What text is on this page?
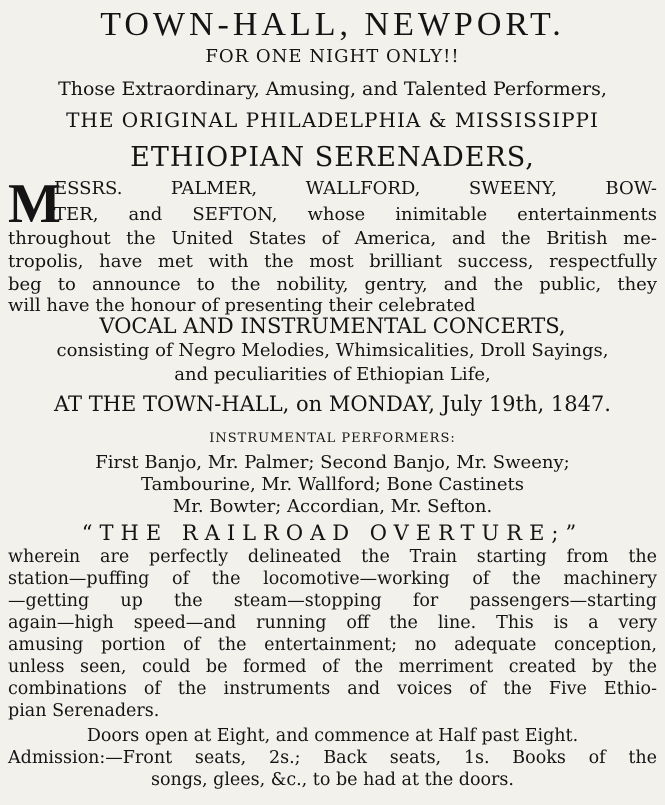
TOWN-HALL, NEWPORT.
FOR ONE NIGHT ONLY!!
Those Extraordinary, Amusing, and Talented Performers,
THE ORIGINAL PHILADELPHIA & MISSISSIPPI
ETHIOPIAN SERENADERS,
M
ESSRS. PALMER, WALLFORD, SWEENY, BOW-
TER, and SEFTON, whose inimitable entertainments
throughout the United States of America, and the British me-
tropolis, have met with the most brilliant success, respectfully
beg to announce to the nobility, gentry, and the public, they
will have the honour of presenting their celebrated
VOCAL AND INSTRUMENTAL CONCERTS,
consisting of Negro Melodies, Whimsicalities, Droll Sayings,
and peculiarities of Ethiopian Life,
AT THE TOWN-HALL, on MONDAY, July 19th, 1847.
INSTRUMENTAL PERFORMERS:
First Banjo, Mr. Palmer; Second Banjo, Mr. Sweeny;
Tambourine, Mr. Wallford; Bone Castinets
Mr. Bowter; Accordian, Mr. Sefton.
“THE RAILROAD OVERTURE;”
wherein are perfectly delineated the Train starting from the
station—puffing of the locomotive—working of the machinery
—getting up the steam—stopping for passengers—starting
again—high speed—and running off the line. This is a very
amusing portion of the entertainment; no adequate conception,
unless seen, could be formed of the merriment created by the
combinations of the instruments and voices of the Five Ethio-
pian Serenaders.
Doors open at Eight, and commence at Half past Eight.
Admission:—Front seats, 2s.; Back seats, 1s. Books of the
songs, glees, &c., to be had at the doors.
